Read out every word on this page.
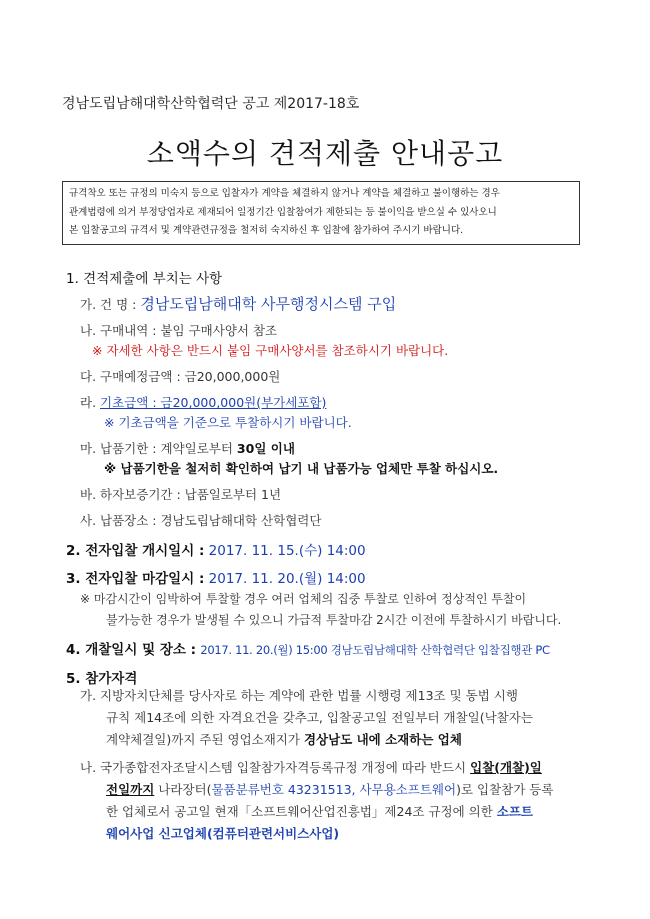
경남도립남해대학산학협력단 공고 제2017-18호
소액수의 견적제출 안내공고
규격착오 또는 규정의 미숙지 등으로 입찰자가 계약을 체결하지 않거나 계약을 체결하고 불이행하는 경우
관계법령에 의거 부정당업자로 제재되어 일정기간 입찰참여가 제한되는 등 불이익을 받으실 수 있사오니
본 입찰공고의 규격서 및 계약관련규정을 철저히 숙지하신 후 입찰에 참가하여 주시기 바랍니다.
1. 견적제출에 부치는 사항
가. 건 명 : 경남도립남해대학 사무행정시스템 구입
나. 구매내역 : 붙임 구매사양서 참조
※ 자세한 사항은 반드시 붙임 구매사양서를 참조하시기 바랍니다.
다. 구매예정금액 : 금20,000,000원
라. 기초금액 : 금20,000,000원(부가세포함)
※ 기초금액을 기준으로 투찰하시기 바랍니다.
마. 납품기한 : 계약일로부터 30일 이내
※ 납품기한을 철저히 확인하여 납기 내 납품가능 업체만 투찰 하십시오.
바. 하자보증기간 : 납품일로부터 1년
사. 납품장소 : 경남도립남해대학 산학협력단
2. 전자입찰 개시일시 : 2017. 11. 15.(수) 14:00
3. 전자입찰 마감일시 : 2017. 11. 20.(월) 14:00
※ 마감시간이 임박하여 투찰할 경우 여러 업체의 집중 투찰로 인하여 정상적인 투찰이
불가능한 경우가 발생될 수 있으니 가급적 투찰마감 2시간 이전에 투찰하시기 바랍니다.
4. 개찰일시 및 장소 : 2017. 11. 20.(월) 15:00 경남도립남해대학 산학협력단 입찰집행관 PC
5. 참가자격
가. 지방자치단체를 당사자로 하는 계약에 관한 법률 시행령 제13조 및 동법 시행
규칙 제14조에 의한 자격요건을 갖추고, 입찰공고일 전일부터 개찰일(낙찰자는
계약체결일)까지 주된 영업소재지가 경상남도 내에 소재하는 업체
나. 국가종합전자조달시스템 입찰참가자격등록규정 개정에 따라 반드시 입찰(개찰)일
전일까지 나라장터(물품분류번호 43231513, 사무용소프트웨어)로 입찰참가 등록
한 업체로서 공고일 현재「소프트웨어산업진흥법」제24조 규정에 의한 소프트
웨어사업 신고업체(컴퓨터관련서비스사업)
